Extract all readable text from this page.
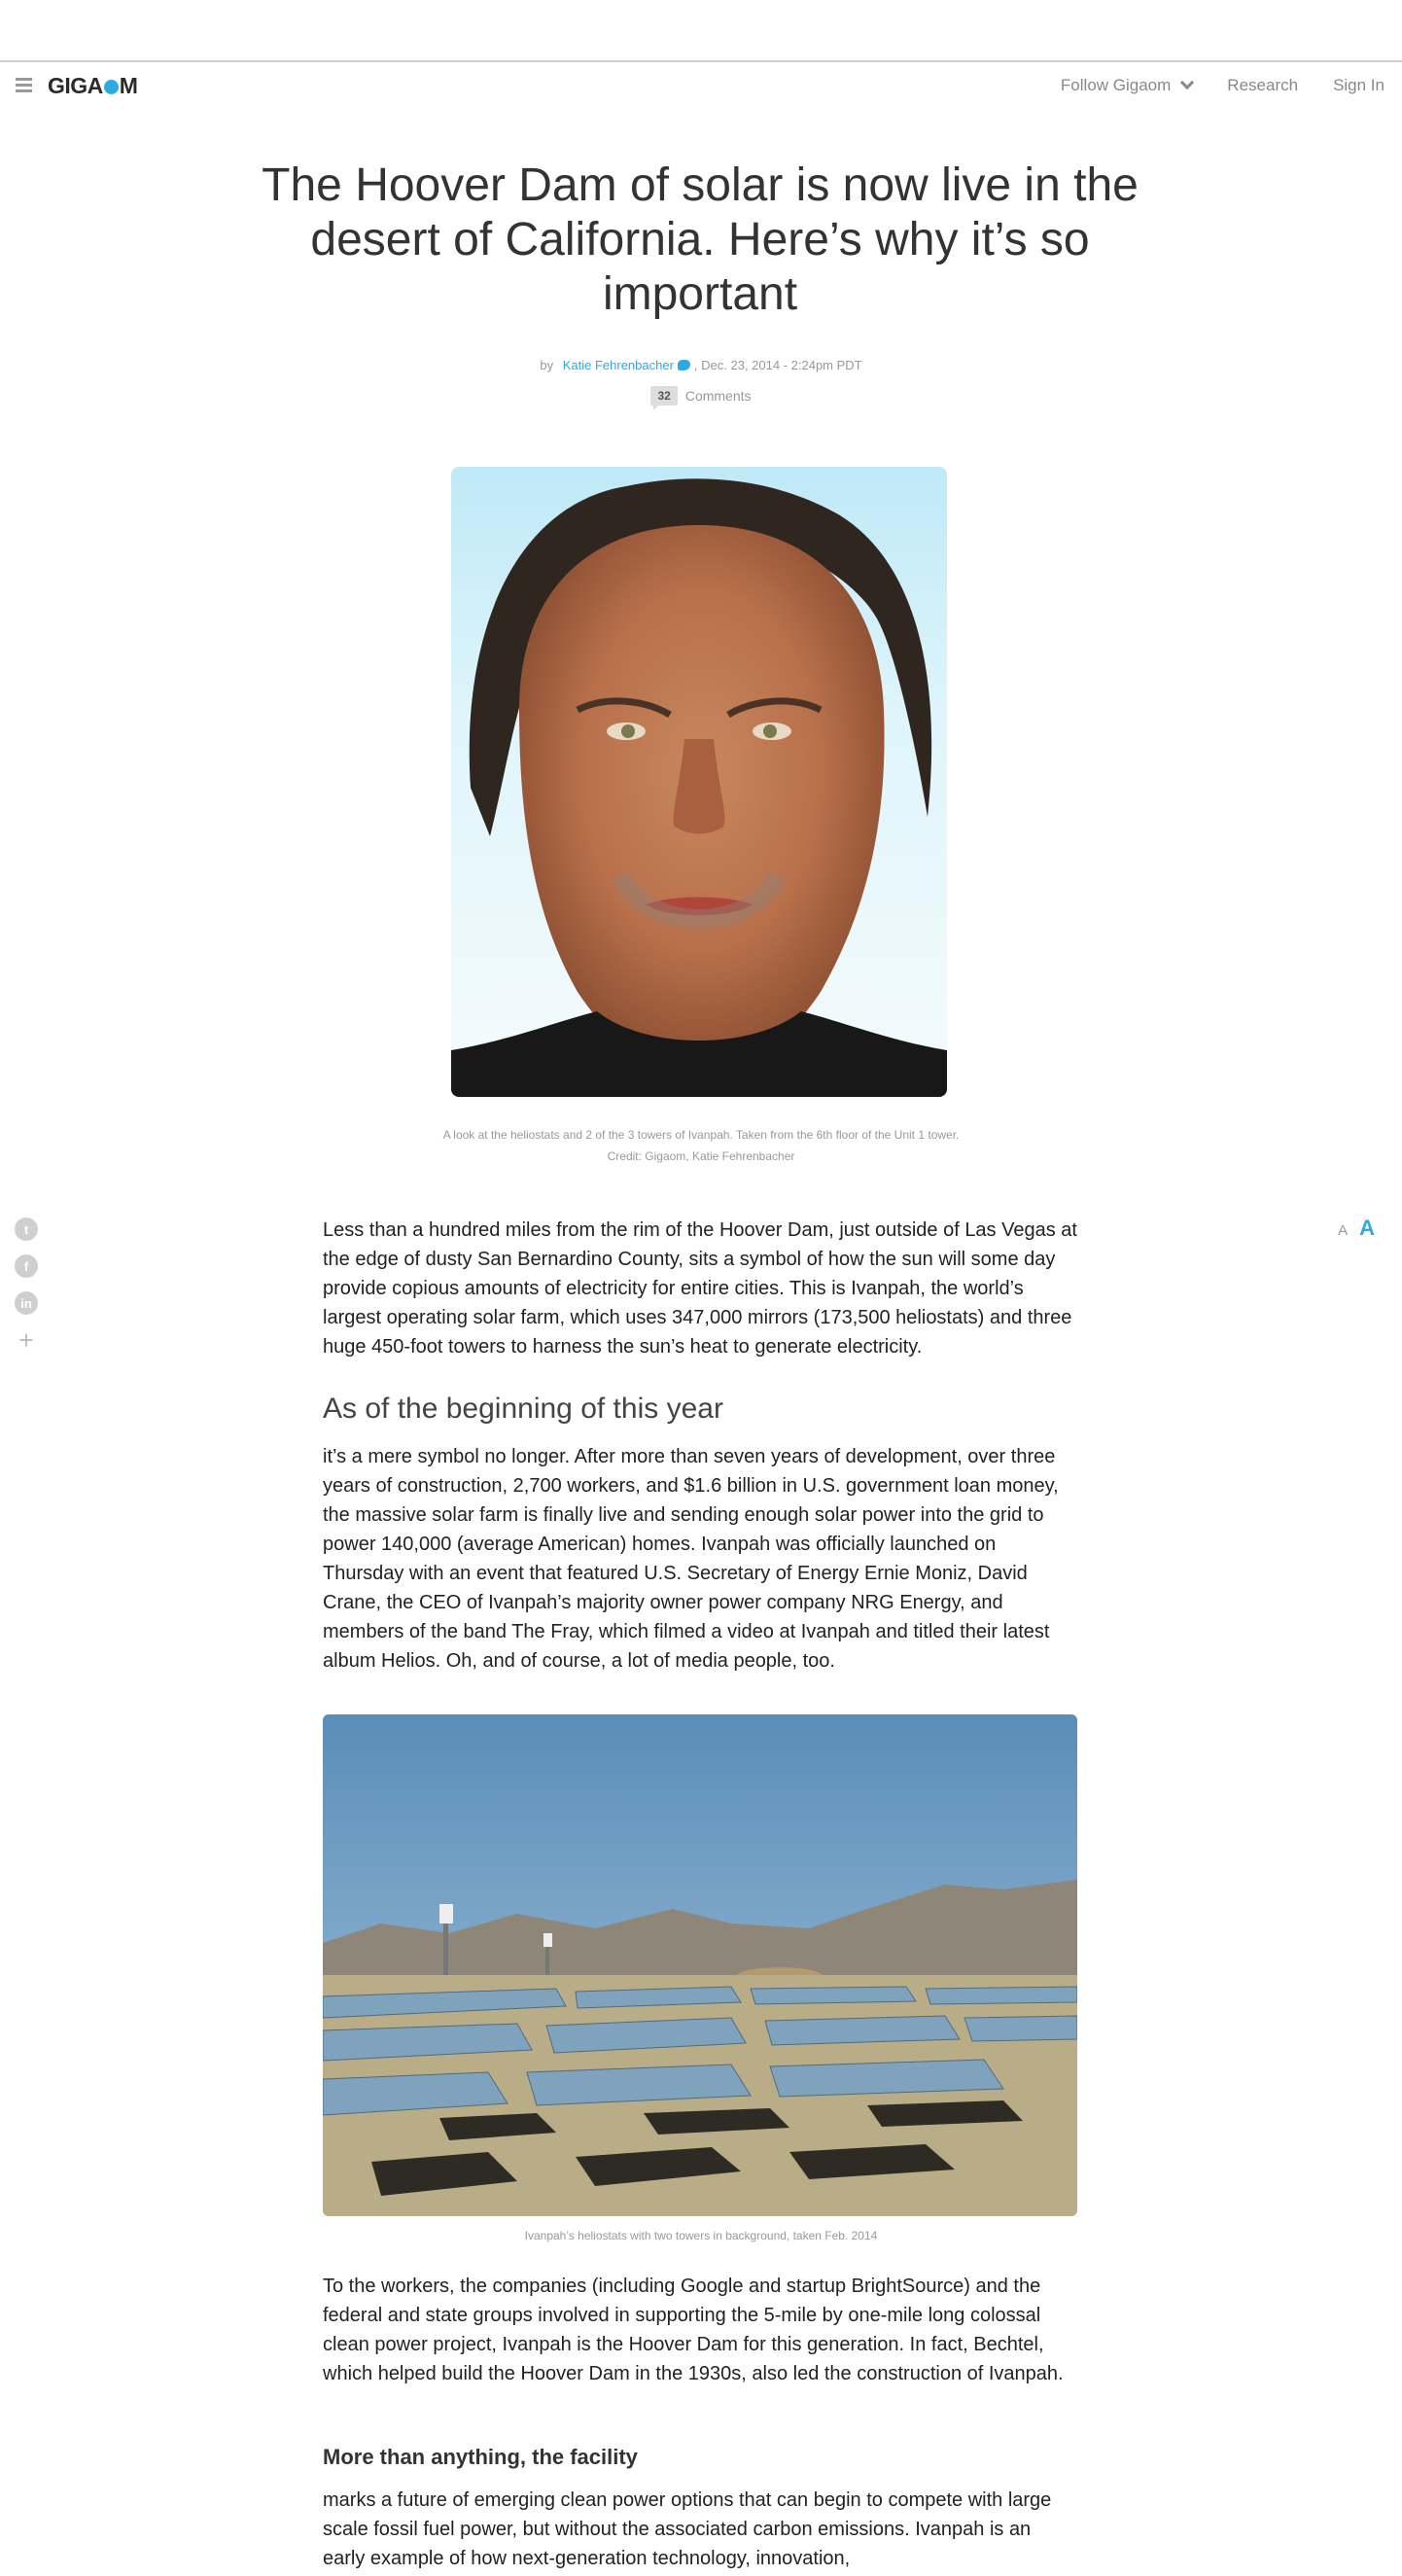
GIGA M	Follow Gigaom	Research Sign In
The Hoover Dam of solar is now live in the desert of California. Here’s why it’s so important
by Katie Fehrenbacher , Dec. 23, 2014 - 2:24pm PDT
32	Comments
A look at the heliostats and 2 of the 3 towers of Ivanpah. Taken from the 6th floor of the Unit 1 tower.
Credit: Gigaom, Katie Fehrenbacher
t
f
in
+
A A

Less than a hundred miles from the rim of the Hoover Dam, just outside of Las Vegas at the edge of dusty San Bernardino County, sits a symbol of how the sun will some day provide copious amounts of electricity for entire cities. This is Ivanpah, the world’s largest operating solar farm, which uses 347,000 mirrors (173,500 heliostats) and three huge 450-foot towers to harness the sun’s heat to generate electricity.

As of the beginning of this year

it’s a mere symbol no longer. After more than seven years of development, over three years of construction, 2,700 workers, and $1.6 billion in U.S. government loan money, the massive solar farm is finally live and sending enough solar power into the grid to power 140,000 (average American) homes. Ivanpah was officially launched on Thursday with an event that featured U.S. Secretary of Energy Ernie Moniz, David Crane, the CEO of Ivanpah’s majority owner power company NRG Energy, and members of the band The Fray, which filmed a video at Ivanpah and titled their latest album Helios. Oh, and of course, a lot of media people, too.

Ivanpah’s heliostats with two towers in background, taken Feb. 2014

To the workers, the companies (including Google and startup BrightSource) and the federal and state groups involved in supporting the 5-mile by one-mile long colossal clean power project, Ivanpah is the Hoover Dam for this generation. In fact, Bechtel, which helped build the Hoover Dam in the 1930s, also led the construction of Ivanpah.

More than anything, the facility

marks a future of emerging clean power options that can begin to compete with large scale fossil fuel power, but without the associated carbon emissions. Ivanpah is an early example of how next-generation technology, innovation,
